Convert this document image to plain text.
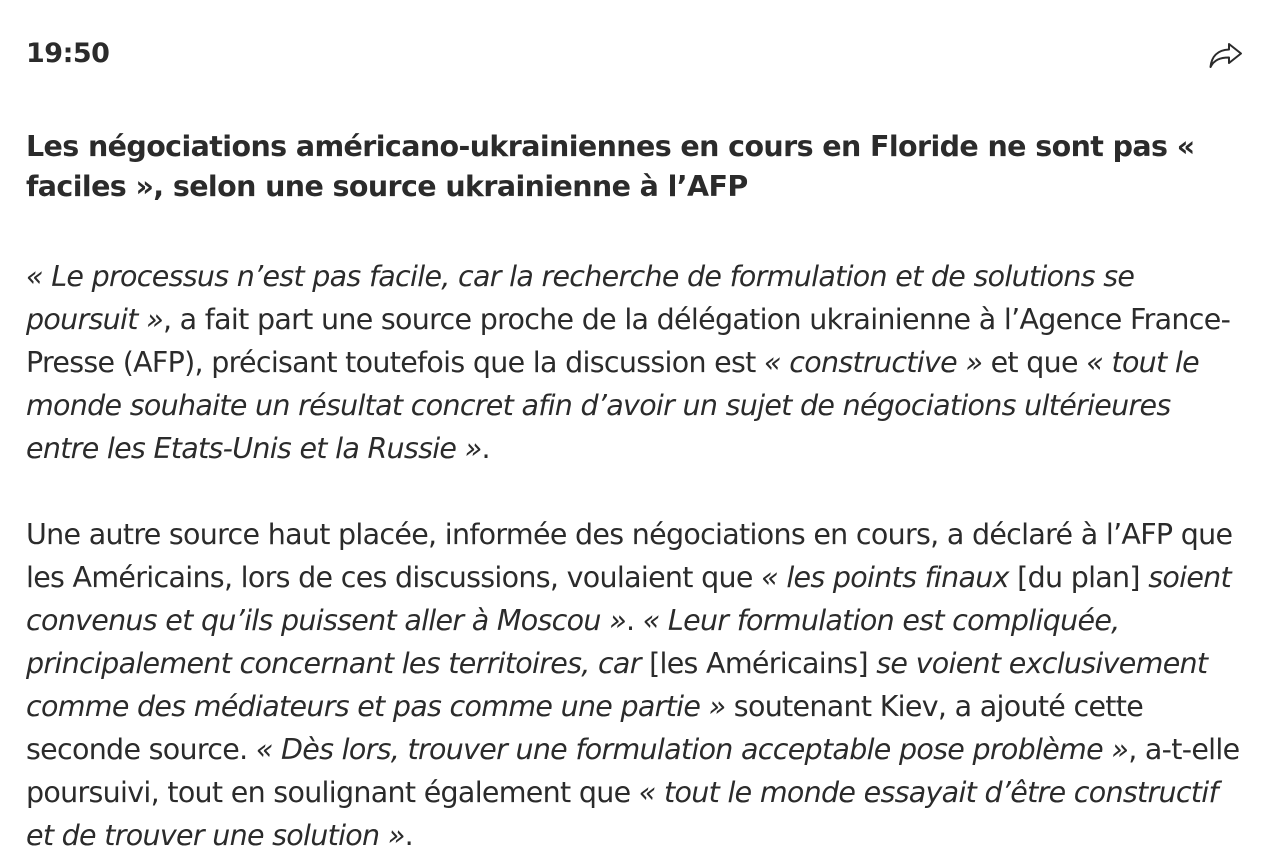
19:50
Les négociations américano-ukrainiennes en cours en Floride ne sont pas « faciles », selon une source ukrainienne à l’AFP

« Le processus n’est pas facile, car la recherche de formulation et de solutions se poursuit », a fait part une source proche de la délégation ukrainienne à l’Agence France-Presse (AFP), précisant toutefois que la discussion est « constructive » et que « tout le monde souhaite un résultat concret afin d’avoir un sujet de négociations ultérieures entre les Etats-Unis et la Russie ».

Une autre source haut placée, informée des négociations en cours, a déclaré à l’AFP que les Américains, lors de ces discussions, voulaient que « les points finaux [du plan] soient convenus et qu’ils puissent aller à Moscou ». « Leur formulation est compliquée, principalement concernant les territoires, car [les Américains] se voient exclusivement comme des médiateurs et pas comme une partie » soutenant Kiev, a ajouté cette seconde source. « Dès lors, trouver une formulation acceptable pose problème », a-t-elle poursuivi, tout en soulignant également que « tout le monde essayait d’être constructif et de trouver une solution ».
